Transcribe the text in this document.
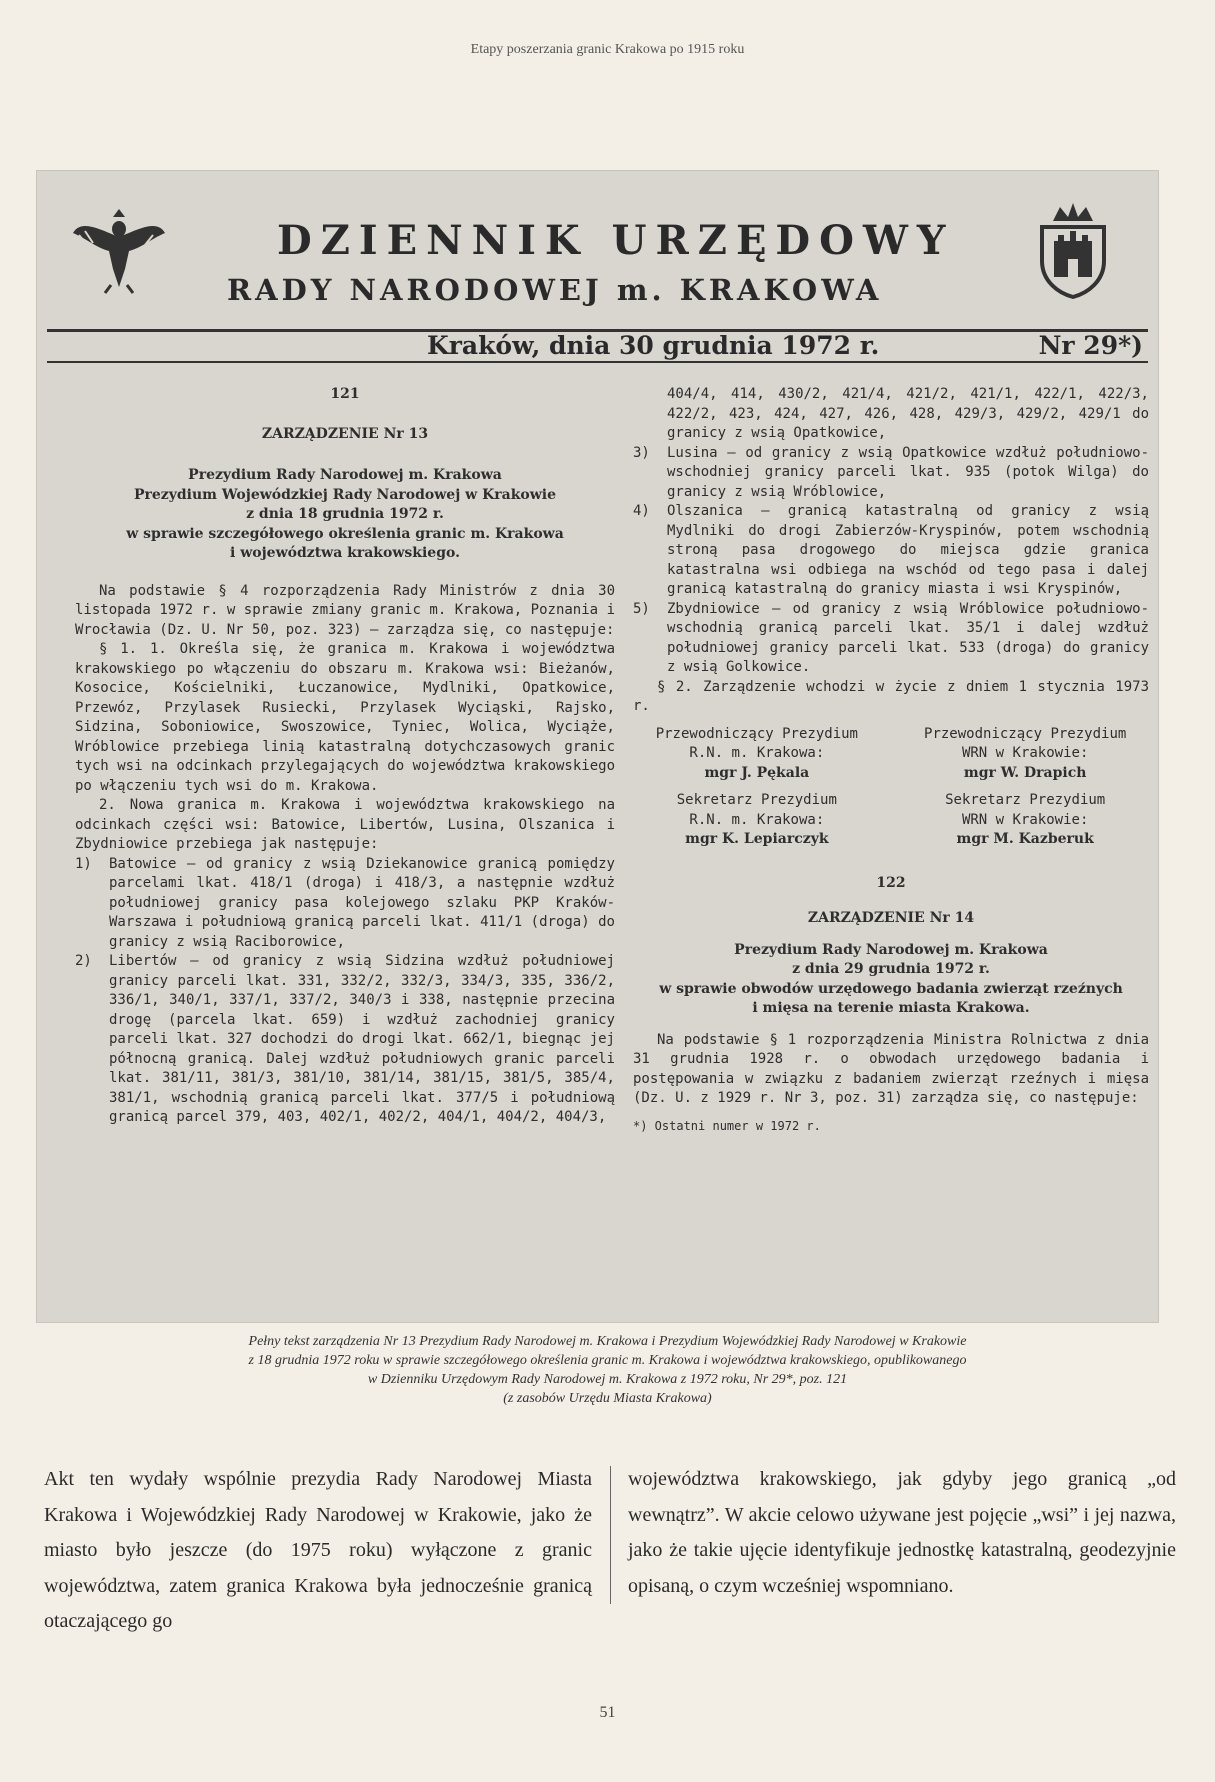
Etapy poszerzania granic Krakowa po 1915 roku
DZIENNIK URZĘDOWY
RADY NARODOWEJ m. KRAKOWA
Kraków, dnia 30 grudnia 1972 r.	Nr 29*)
121
ZARZĄDZENIE Nr 13
Prezydium Rady Narodowej m. Krakowa
Prezydium Wojewódzkiej Rady Narodowej w Krakowie
z dnia 18 grudnia 1972 r.
w sprawie szczegółowego określenia granic m. Krakowa
i województwa krakowskiego.

Na podstawie § 4 rozporządzenia Rady Ministrów z dnia 30 listopada 1972 r. w sprawie zmiany granic m. Krakowa, Poznania i Wrocławia (Dz. U. Nr 50, poz. 323) — zarządza się, co następuje:

§ 1. 1. Określa się, że granica m. Krakowa i województwa krakowskiego po włączeniu do obszaru m. Krakowa wsi: Bieżanów, Kosocice, Kościelniki, Łuczanowice, Mydlniki, Opatkowice, Przewóz, Przylasek Rusiecki, Przylasek Wyciąski, Rajsko, Sidzina, Soboniowice, Swoszowice, Tyniec, Wolica, Wyciąże, Wróblowice przebiega linią katastralną dotychczasowych granic tych wsi na odcinkach przylegających do województwa krakowskiego po włączeniu tych wsi do m. Krakowa.

2. Nowa granica m. Krakowa i województwa krakowskiego na odcinkach części wsi: Batowice, Libertów, Lusina, Olszanica i Zbydniowice przebiega jak następuje:

1) Batowice — od granicy z wsią Dziekanowice granicą pomiędzy parcelami lkat. 418/1 (droga) i 418/3, a następnie wzdłuż południowej granicy pasa kolejowego szlaku PKP Kraków-Warszawa i południową granicą parceli lkat. 411/1 (droga) do granicy z wsią Raciborowice,
2) Libertów — od granicy z wsią Sidzina wzdłuż południowej granicy parceli lkat. 331, 332/2, 332/3, 334/3, 335, 336/2, 336/1, 340/1, 337/1, 337/2, 340/3 i 338, następnie przecina drogę (parcela lkat. 659) i wzdłuż zachodniej granicy parceli lkat. 327 dochodzi do drogi lkat. 662/1, biegnąc jej północną granicą. Dalej wzdłuż południowych granic parceli lkat. 381/11, 381/3, 381/10, 381/14, 381/15, 381/5, 385/4, 381/1, wschodnią granicą parceli lkat. 377/5 i południową granicą parcel 379, 403, 402/1, 402/2, 404/1, 404/2, 404/3,

404/4, 414, 430/2, 421/4, 421/2, 421/1, 422/1, 422/3, 422/2, 423, 424, 427, 426, 428, 429/3, 429/2, 429/1 do granicy z wsią Opatkowice,

3) Lusina — od granicy z wsią Opatkowice wzdłuż południowo-wschodniej granicy parceli lkat. 935 (potok Wilga) do granicy z wsią Wróblowice,
4) Olszanica — granicą katastralną od granicy z wsią Mydlniki do drogi Zabierzów-Kryspinów, potem wschodnią stroną pasa drogowego do miejsca gdzie granica katastralna wsi odbiega na wschód od tego pasa i dalej granicą katastralną do granicy miasta i wsi Kryspinów,
5) Zbydniowice — od granicy z wsią Wróblowice południowo-wschodnią granicą parceli lkat. 35/1 i dalej wzdłuż południowej granicy parceli lkat. 533 (droga) do granicy z wsią Golkowice.

§ 2. Zarządzenie wchodzi w życie z dniem 1 stycznia 1973 r.

Przewodniczący Prezydium
R.N. m. Krakowa:
mgr J. Pękala
Przewodniczący Prezydium
WRN w Krakowie:
mgr W. Drapich
Sekretarz Prezydium
R.N. m. Krakowa:
mgr K. Lepiarczyk
Sekretarz Prezydium
WRN w Krakowie:
mgr M. Kazberuk
122
ZARZĄDZENIE Nr 14
Prezydium Rady Narodowej m. Krakowa
z dnia 29 grudnia 1972 r.
w sprawie obwodów urzędowego badania zwierząt rzeźnych
i mięsa na terenie miasta Krakowa.

Na podstawie § 1 rozporządzenia Ministra Rolnictwa z dnia 31 grudnia 1928 r. o obwodach urzędowego badania i postępowania w związku z badaniem zwierząt rzeźnych i mięsa (Dz. U. z 1929 r. Nr 3, poz. 31) zarządza się, co następuje:

*) Ostatni numer w 1972 r.
Pełny tekst zarządzenia Nr 13 Prezydium Rady Narodowej m. Krakowa i Prezydium Wojewódzkiej Rady Narodowej w Krakowie
z 18 grudnia 1972 roku w sprawie szczegółowego określenia granic m. Krakowa i województwa krakowskiego, opublikowanego
w Dzienniku Urzędowym Rady Narodowej m. Krakowa z 1972 roku, Nr 29*, poz. 121
(z zasobów Urzędu Miasta Krakowa)
Akt ten wydały wspólnie prezydia Rady Narodowej Miasta Krakowa i Wojewódzkiej Rady Narodowej w Krakowie, jako że miasto było jeszcze (do 1975 roku) wyłączone z granic województwa, zatem granica Krakowa była jednocześnie granicą otaczającego go
województwa krakowskiego, jak gdyby jego granicą „od wewnątrz”. W akcie celowo używane jest pojęcie „wsi” i jej nazwa, jako że takie ujęcie identyfikuje jednostkę katastralną, geodezyjnie opisaną, o czym wcześniej wspomniano.
51
